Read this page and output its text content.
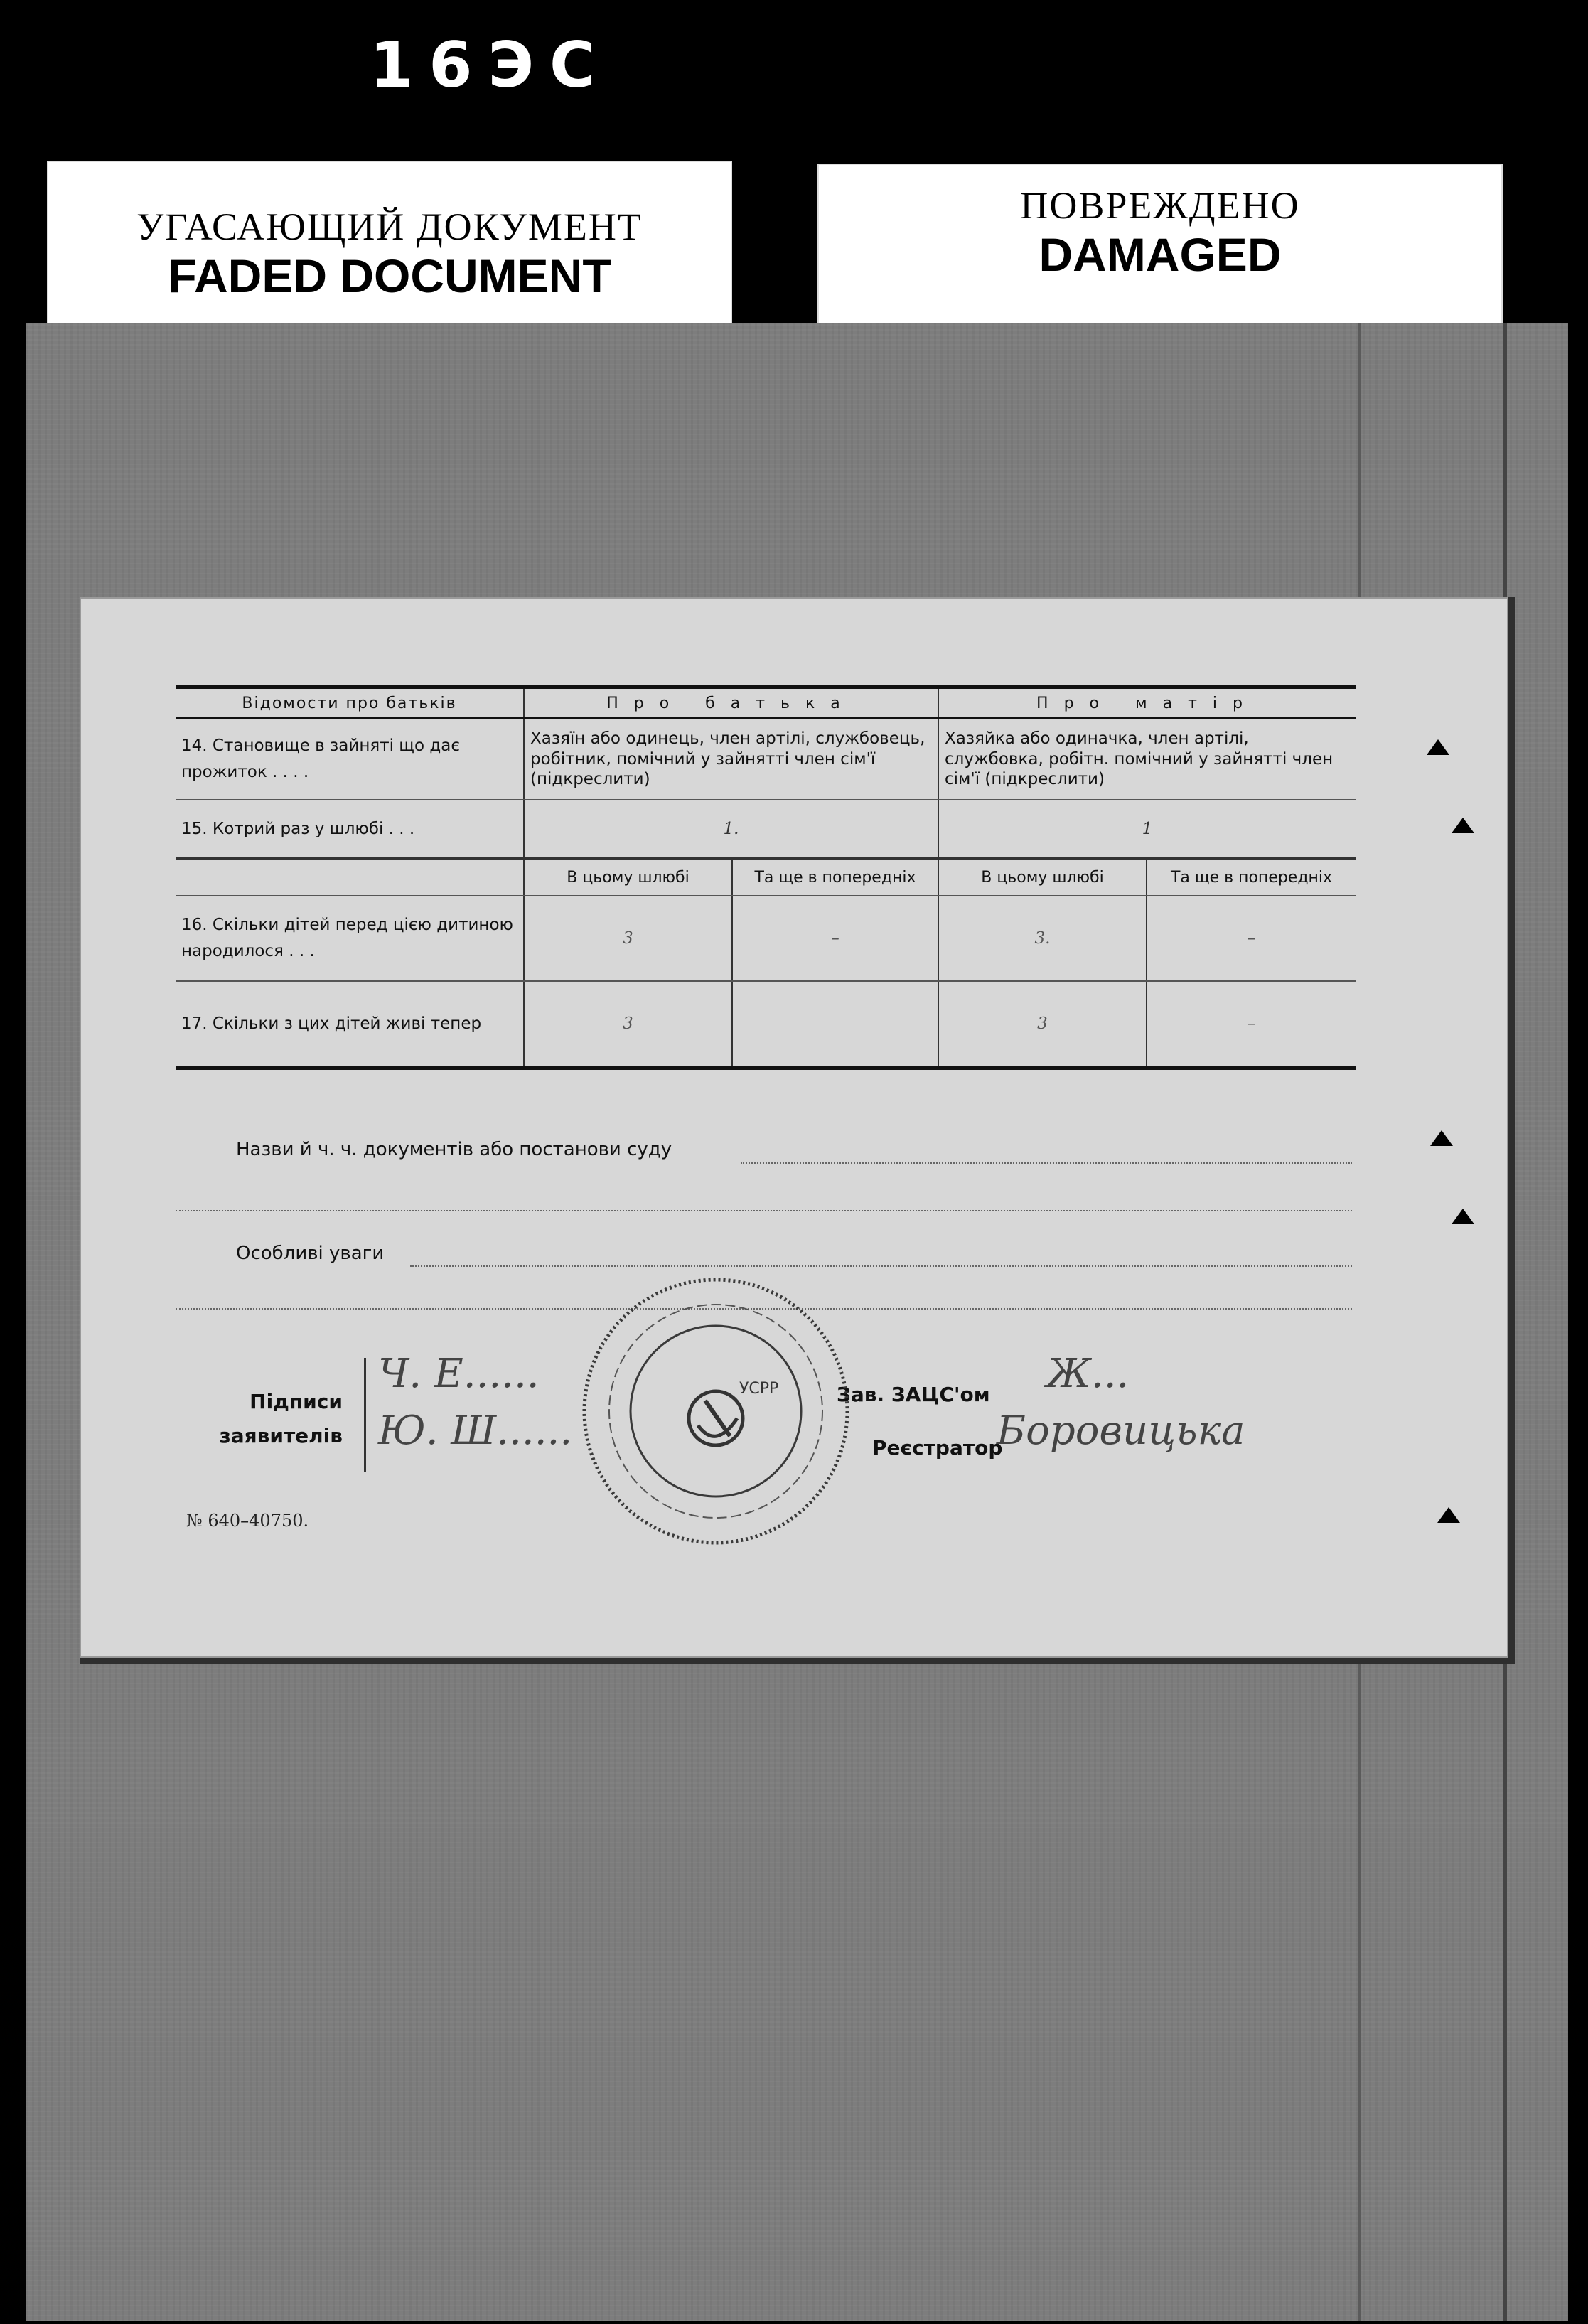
16ЭС
УГАСАЮЩИЙ ДОКУМЕНТ
FADED DOCUMENT
ПОВРЕЖДЕНО
DAMAGED
Відомости про батьків	Про батька		Про матір	
14. Становище в зайняті що дає прожиток . . . .	Хазяїн або одинець, член артілі, службовець, робітник, помічний у зайнятті член сім'ї (підкреслити)		Хазяйка або одиначка, член артілі, службовка, робітн. помічний у зайнятті член сім'ї (підкреслити)	
15. Котрий раз у шлюбі . . .	1.		1	
	В цьому шлюбі	Та ще в попередніх	В цьому шлюбі	Та ще в попередніх
16. Скільки дітей перед цією дитиною народилося . . .	3	–	3.	–
17. Скільки з цих дітей живі тепер	3		3	–
Назви й ч. ч. документів або постанови суду
Особливі уваги
Підписи
заявителів
Ч. Е......
Ю. Ш......
Зав. ЗАЦС'ом Ж...
Реєстратор
Боровицька
УСРР
№ 640–40750.
